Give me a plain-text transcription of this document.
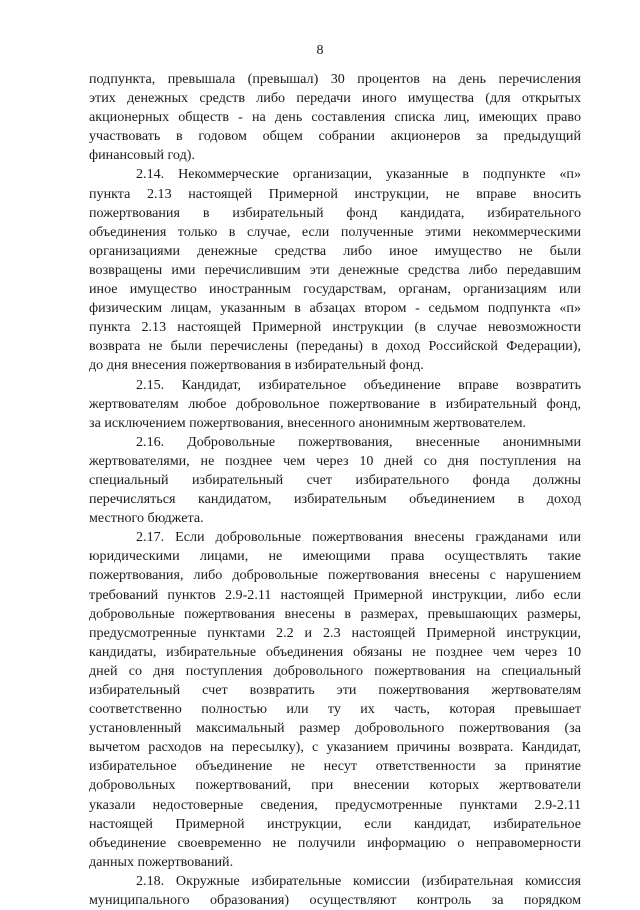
8
подпункта, превышала (превышал) 30 процентов на день перечисления
этих денежных средств либо передачи иного имущества (для открытых
акционерных обществ - на день составления списка лиц, имеющих право
участвовать в годовом общем собрании акционеров за предыдущий
финансовый год).
2.14. Некоммерческие организации, указанные в подпункте «п»
пункта 2.13 настоящей Примерной инструкции, не вправе вносить
пожертвования в избирательный фонд кандидата, избирательного
объединения только в случае, если полученные этими некоммерческими
организациями денежные средства либо иное имущество не были
возвращены ими перечислившим эти денежные средства либо передавшим
иное имущество иностранным государствам, органам, организациям или
физическим лицам, указанным в абзацах втором - седьмом подпункта «п»
пункта 2.13 настоящей Примерной инструкции (в случае невозможности
возврата не были перечислены (переданы) в доход Российской Федерации),
до дня внесения пожертвования в избирательный фонд.
2.15. Кандидат, избирательное объединение вправе возвратить
жертвователям любое добровольное пожертвование в избирательный фонд,
за исключением пожертвования, внесенного анонимным жертвователем.
2.16. Добровольные пожертвования, внесенные анонимными
жертвователями, не позднее чем через 10 дней со дня поступления на
специальный избирательный счет избирательного фонда должны
перечисляться кандидатом, избирательным объединением в доход
местного бюджета.
2.17. Если добровольные пожертвования внесены гражданами или
юридическими лицами, не имеющими права осуществлять такие
пожертвования, либо добровольные пожертвования внесены с нарушением
требований пунктов 2.9-2.11 настоящей Примерной инструкции, либо если
добровольные пожертвования внесены в размерах, превышающих размеры,
предусмотренные пунктами 2.2 и 2.3 настоящей Примерной инструкции,
кандидаты, избирательные объединения обязаны не позднее чем через 10
дней со дня поступления добровольного пожертвования на специальный
избирательный счет возвратить эти пожертвования жертвователям
соответственно полностью или ту их часть, которая превышает
установленный максимальный размер добровольного пожертвования (за
вычетом расходов на пересылку), с указанием причины возврата. Кандидат,
избирательное объединение не несут ответственности за принятие
добровольных пожертвований, при внесении которых жертвователи
указали недостоверные сведения, предусмотренные пунктами 2.9-2.11
настоящей Примерной инструкции, если кандидат, избирательное
объединение своевременно не получили информацию о неправомерности
данных пожертвований.
2.18. Окружные избирательные комиссии (избирательная комиссия
муниципального образования) осуществляют контроль за порядком
